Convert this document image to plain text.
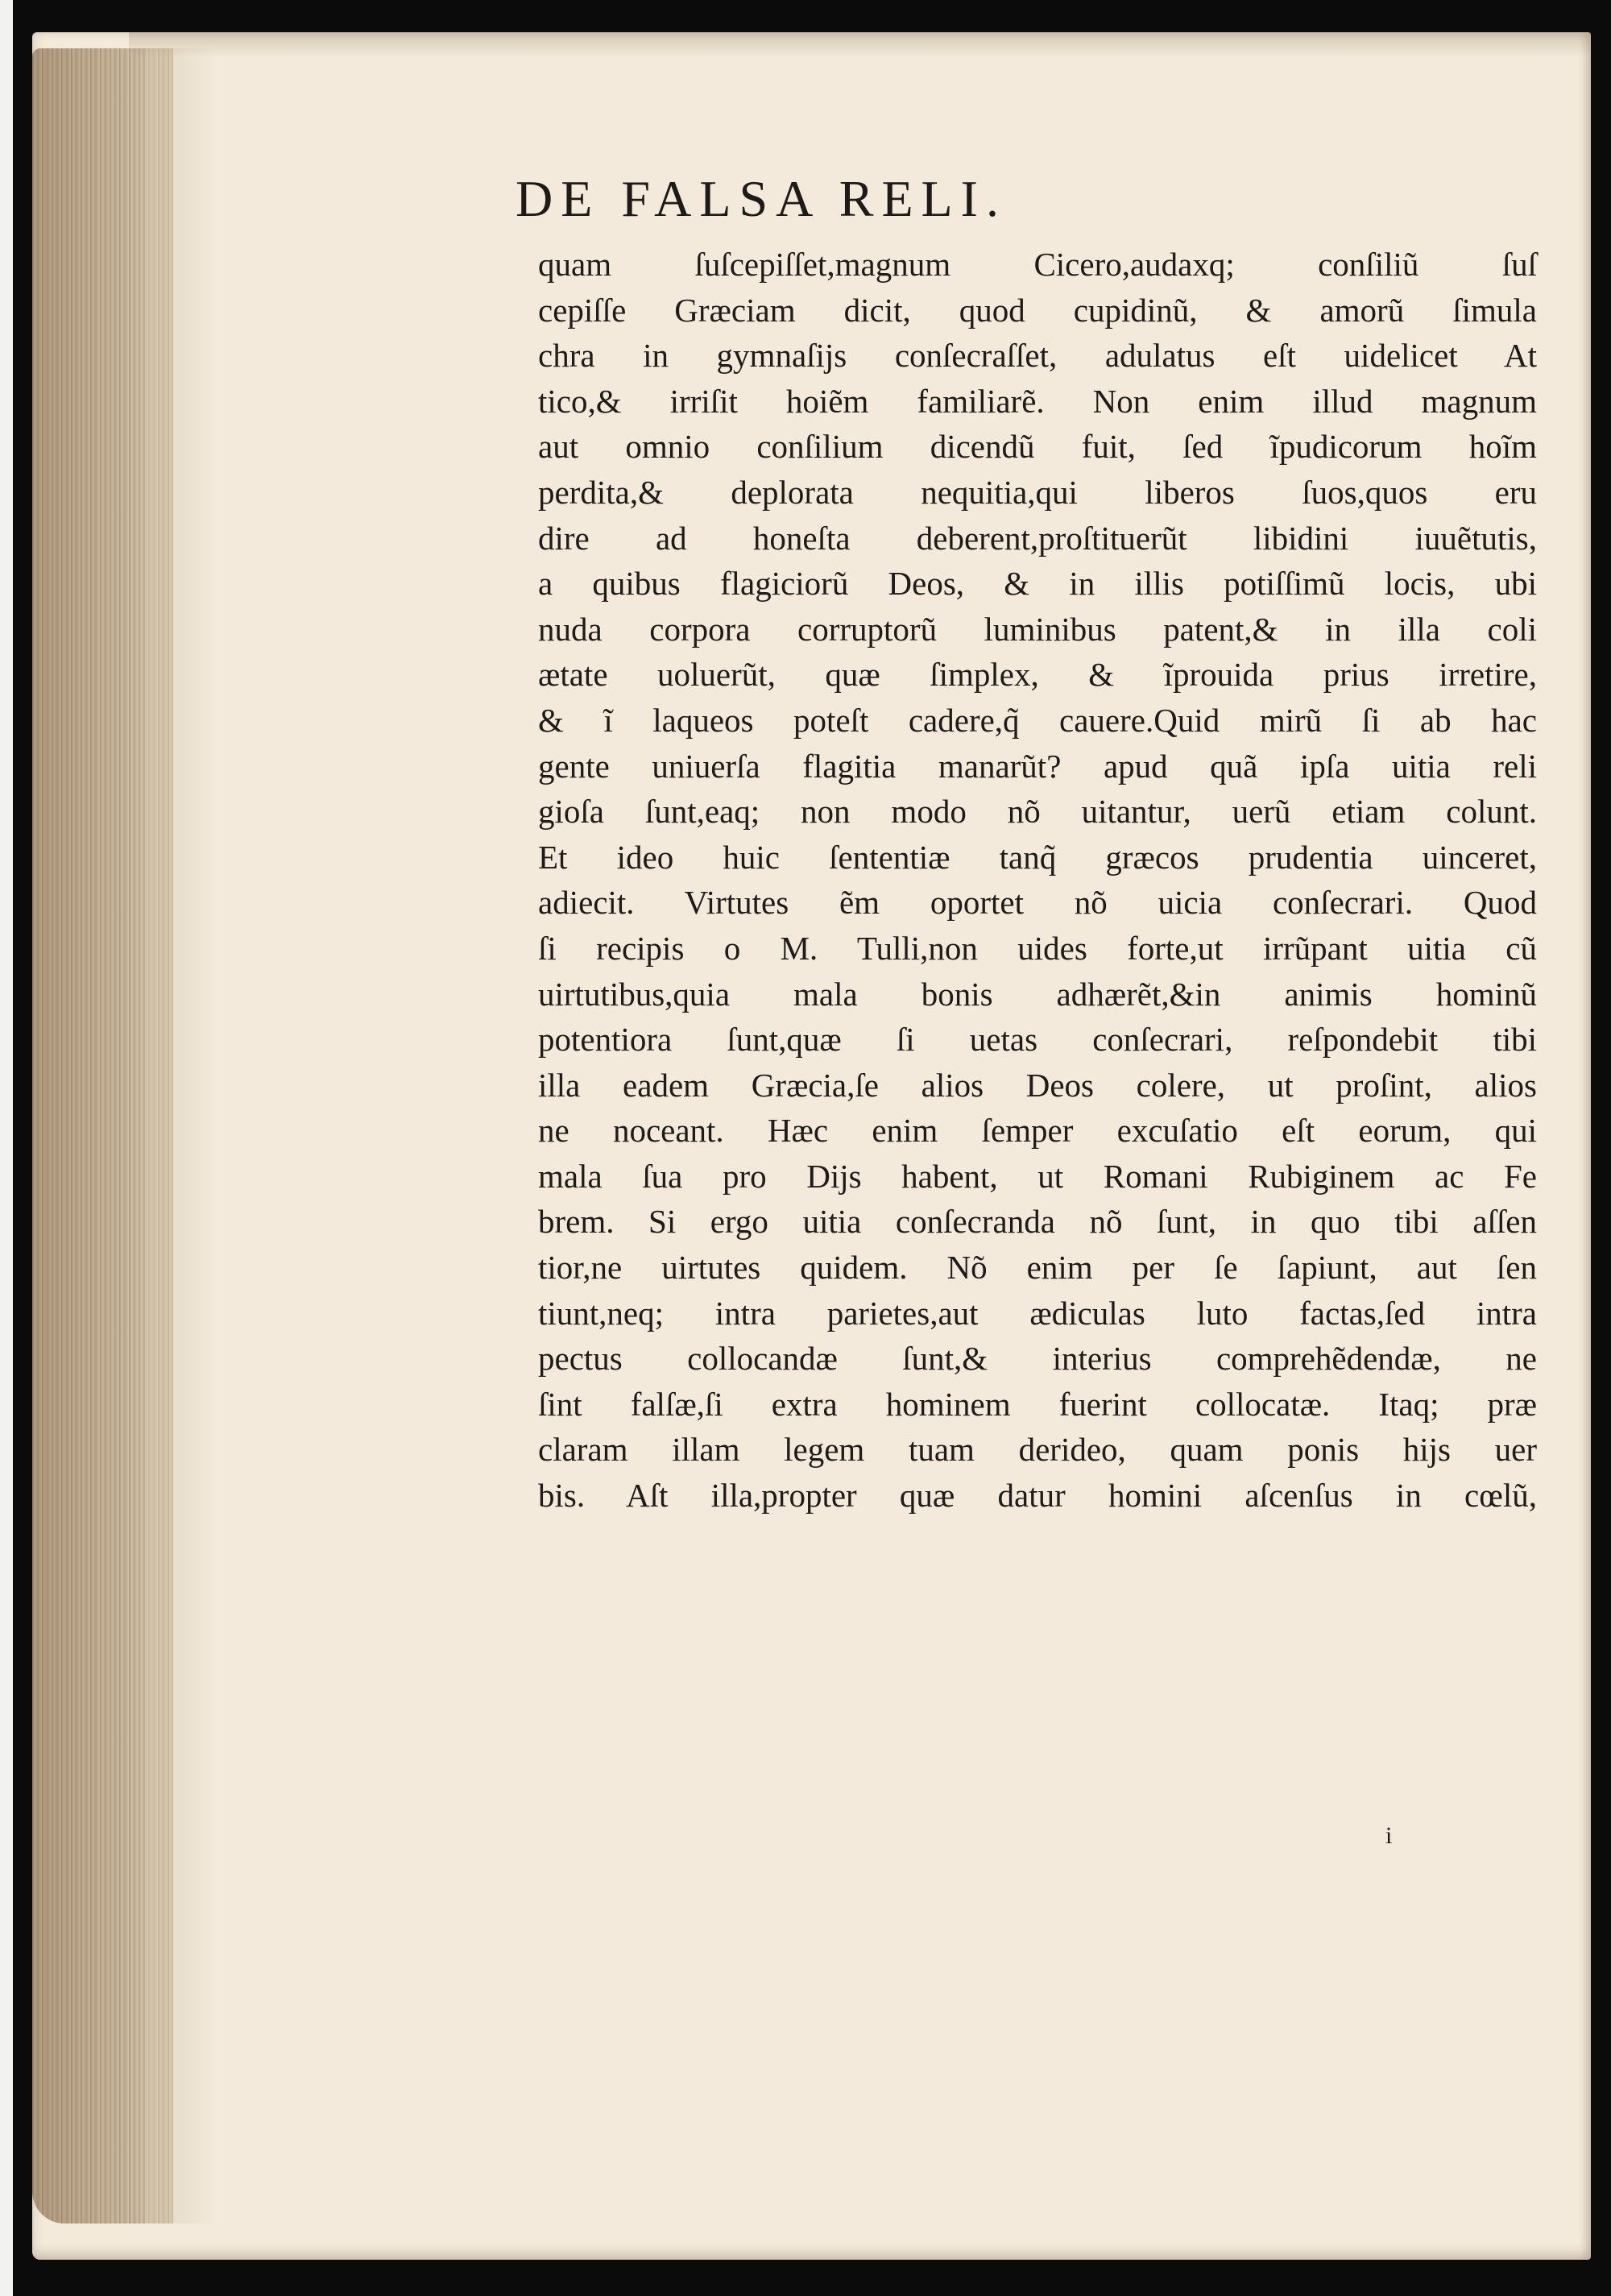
DE FALSA RELI.
quam ſuſcepiſſet,magnum Cicero,audaxq; conſiliũ ſuſ
cepiſſe Græciam dicit, quod cupidinũ, & amorũ ſimula
chra in gymnaſijs conſecraſſet, adulatus eſt uidelicet At
tico,& irriſit hoiẽm familiarẽ. Non enim illud magnum
aut omnio conſilium dicendũ fuit, ſed ĩpudicorum hoĩm
perdita,& deplorata nequitia,qui liberos ſuos,quos eru
dire ad honeſta deberent,proſtituerũt libidini iuuẽtutis,
a quibus flagiciorũ Deos, & in illis potiſſimũ locis, ubi
nuda corpora corruptorũ luminibus patent,& in illa coli
ætate uoluerũt, quæ ſimplex, & ĩprouida prius irretire,
& ĩ laqueos poteſt cadere,q̃ cauere.Quid mirũ ſi ab hac
gente uniuerſa flagitia manarũt? apud quã ipſa uitia reli
gioſa ſunt,eaq; non modo nõ uitantur, uerũ etiam colunt.
Et ideo huic ſententiæ tanq̃ græcos prudentia uinceret,
adiecit. Virtutes ẽm oportet nõ uicia conſecrari. Quod
ſi recipis o M. Tulli,non uides forte,ut irrũpant uitia cũ
uirtutibus,quia mala bonis adhærẽt,&in animis hominũ
potentiora ſunt,quæ ſi uetas conſecrari, reſpondebit tibi
illa eadem Græcia,ſe alios Deos colere, ut proſint, alios
ne noceant. Hæc enim ſemper excuſatio eſt eorum, qui
mala ſua pro Dijs habent, ut Romani Rubiginem ac Fe
brem. Si ergo uitia conſecranda nõ ſunt, in quo tibi aſſen
tior,ne uirtutes quidem. Nõ enim per ſe ſapiunt, aut ſen
tiunt,neq; intra parietes,aut ædiculas luto factas,ſed intra
pectus collocandæ ſunt,& interius comprehẽdendæ, ne
ſint falſæ,ſi extra hominem fuerint collocatæ. Itaq; præ
claram illam legem tuam derideo, quam ponis hijs uer
bis. Aſt illa,propter quæ datur homini aſcenſus in cœlũ,
i
